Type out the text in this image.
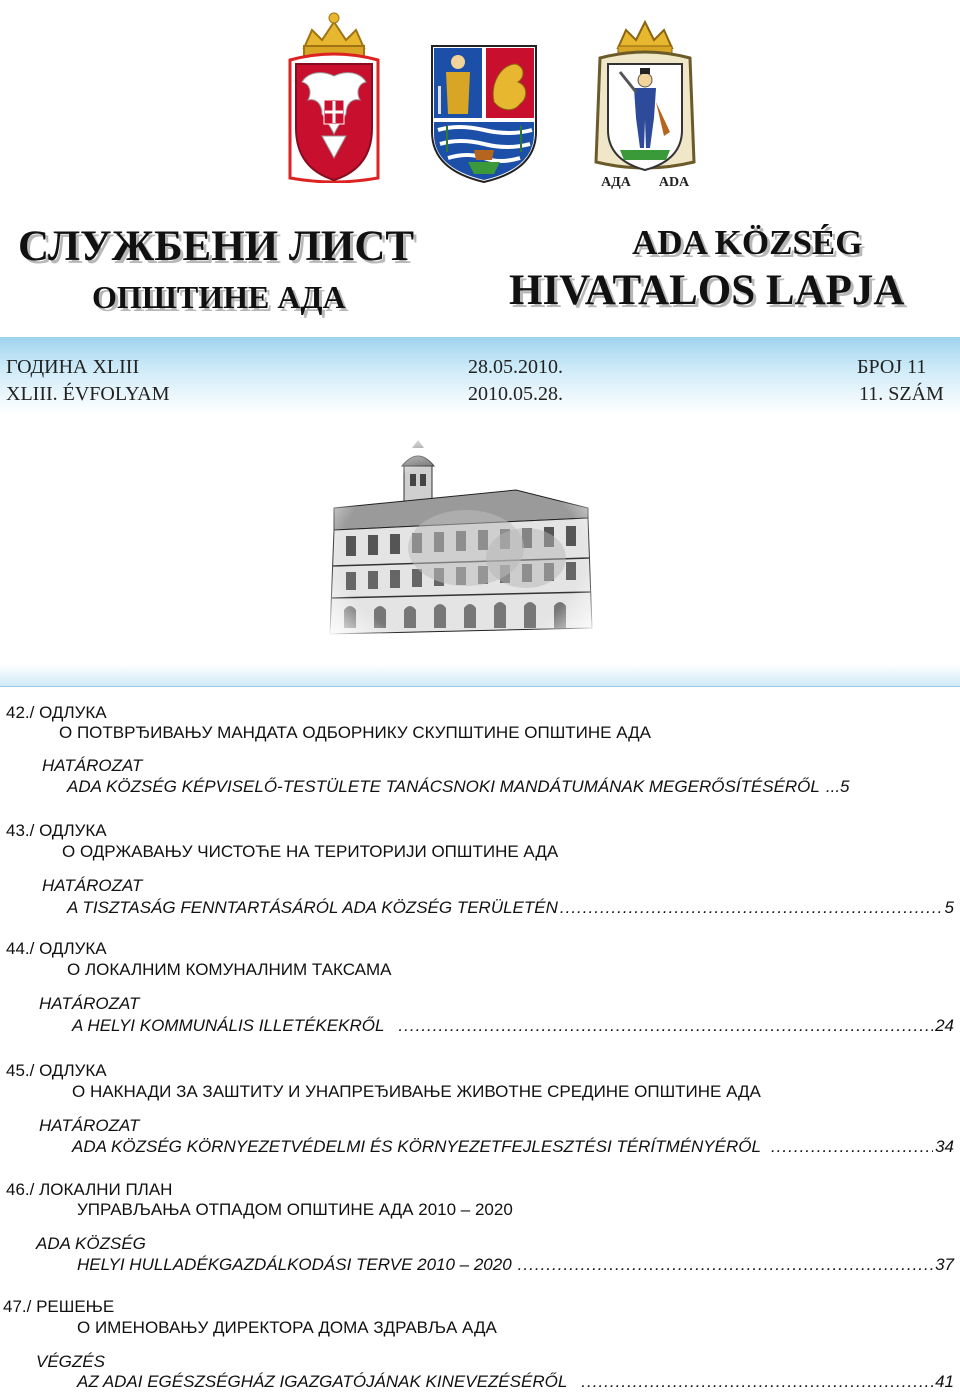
АДА ADA
СЛУЖБЕНИ ЛИСТ
ОПШТИНЕ АДА
ADA KÖZSÉG
HIVATALOS LAPJA
ГОДИНА XLIII
XLIII. ÉVFOLYAM
28.05.2010.
2010.05.28.
БРОЈ 11
11. SZÁM
42./ ОДЛУКА
О ПОТВРЂИВАЊУ МАНДАТА ОДБОРНИКУ СКУПШТИНЕ ОПШТИНЕ АДА
HATÁROZAT
ADA KÖZSÉG KÉPVISELŐ-TESTÜLETE TANÁCSNOKI MANDÁTUMÁNAK MEGERŐSÍTÉSÉRŐL ... 5
43./ ОДЛУКА
О ОДРЖАВАЊУ ЧИСТОЋЕ НА ТЕРИТОРИЈИ ОПШТИНЕ АДА
HATÁROZAT
A TISZTASÁG FENNTARTÁSÁRÓL ADA KÖZSÉG TERÜLETÉN .....	5
44./ ОДЛУКА
О ЛОКАЛНИМ КОМУНАЛНИМ ТАКСАМА
HATÁROZAT
A HELYI KOMMUNÁLIS ILLETÉKEKRŐL .....	24
45./ ОДЛУКА
О НАКНАДИ ЗА ЗАШТИТУ И УНАПРЕЂИВАЊЕ ЖИВОТНЕ СРЕДИНЕ ОПШТИНЕ АДА
HATÁROZAT
ADA KÖZSÉG KÖRNYEZETVÉDELMI ÉS KÖRNYEZETFEJLESZTÉSI TÉRÍTMÉNYÉRŐL .....	34
46./ ЛОКАЛНИ ПЛАН
УПРАВЉАЊА ОТПАДОМ ОПШТИНЕ АДА 2010 – 2020
ADA KÖZSÉG
HELYI HULLADÉKGAZDÁLKODÁSI TERVE 2010 – 2020 .....	37
47./ РЕШЕЊЕ
О ИМЕНОВАЊУ ДИРЕКТОРА ДОМА ЗДРАВЉА АДА
VÉGZÉS
AZ ADAI EGÉSZSÉGHÁZ IGAZGATÓJÁNAK KINEVEZÉSÉRŐL .....	41
